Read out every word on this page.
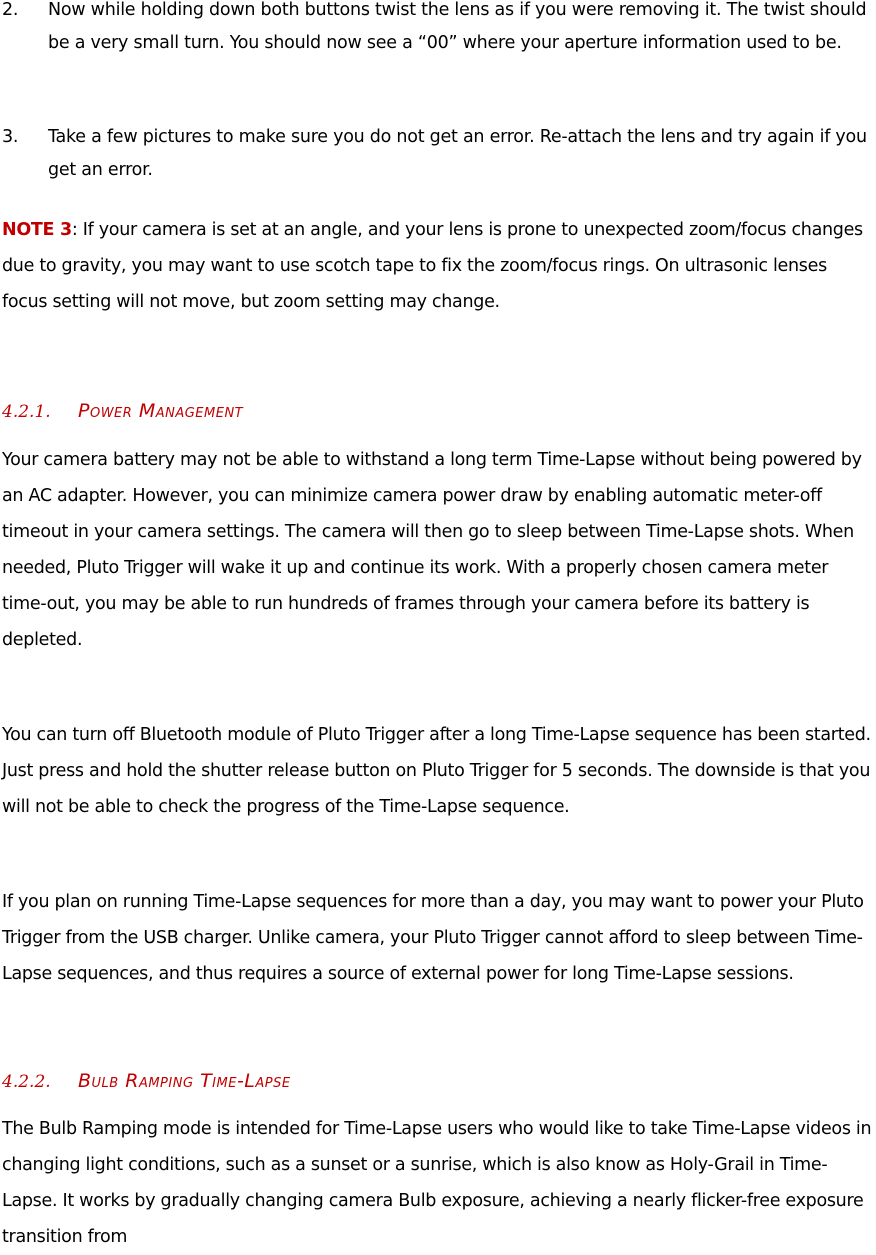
2.	Now while holding down both buttons twist the lens as if you were removing it. The twist should be a very small turn. You should now see a “00” where your aperture information used to be.
3.	Take a few pictures to make sure you do not get an error. Re-attach the lens and try again if you get an error.
NOTE 3: If your camera is set at an angle, and your lens is prone to unexpected zoom/focus changes due to gravity, you may want to use scotch tape to fix the zoom/focus rings. On ultrasonic lenses focus setting will not move, but zoom setting may change.
4.2.1. Power Management
Your camera battery may not be able to withstand a long term Time-Lapse without being powered by an AC adapter. However, you can minimize camera power draw by enabling automatic meter-off timeout in your camera settings. The camera will then go to sleep between Time-Lapse shots. When needed, Pluto Trigger will wake it up and continue its work. With a properly chosen camera meter time-out, you may be able to run hundreds of frames through your camera before its battery is depleted.
You can turn off Bluetooth module of Pluto Trigger after a long Time-Lapse sequence has been started. Just press and hold the shutter release button on Pluto Trigger for 5 seconds. The downside is that you will not be able to check the progress of the Time-Lapse sequence.
If you plan on running Time-Lapse sequences for more than a day, you may want to power your Pluto Trigger from the USB charger. Unlike camera, your Pluto Trigger cannot afford to sleep between Time-Lapse sequences, and thus requires a source of external power for long Time-Lapse sessions.
4.2.2. Bulb Ramping Time-Lapse
The Bulb Ramping mode is intended for Time-Lapse users who would like to take Time-Lapse videos in changing light conditions, such as a sunset or a sunrise, which is also know as Holy-Grail in Time-Lapse. It works by gradually changing camera Bulb exposure, achieving a nearly flicker-free exposure transition from
